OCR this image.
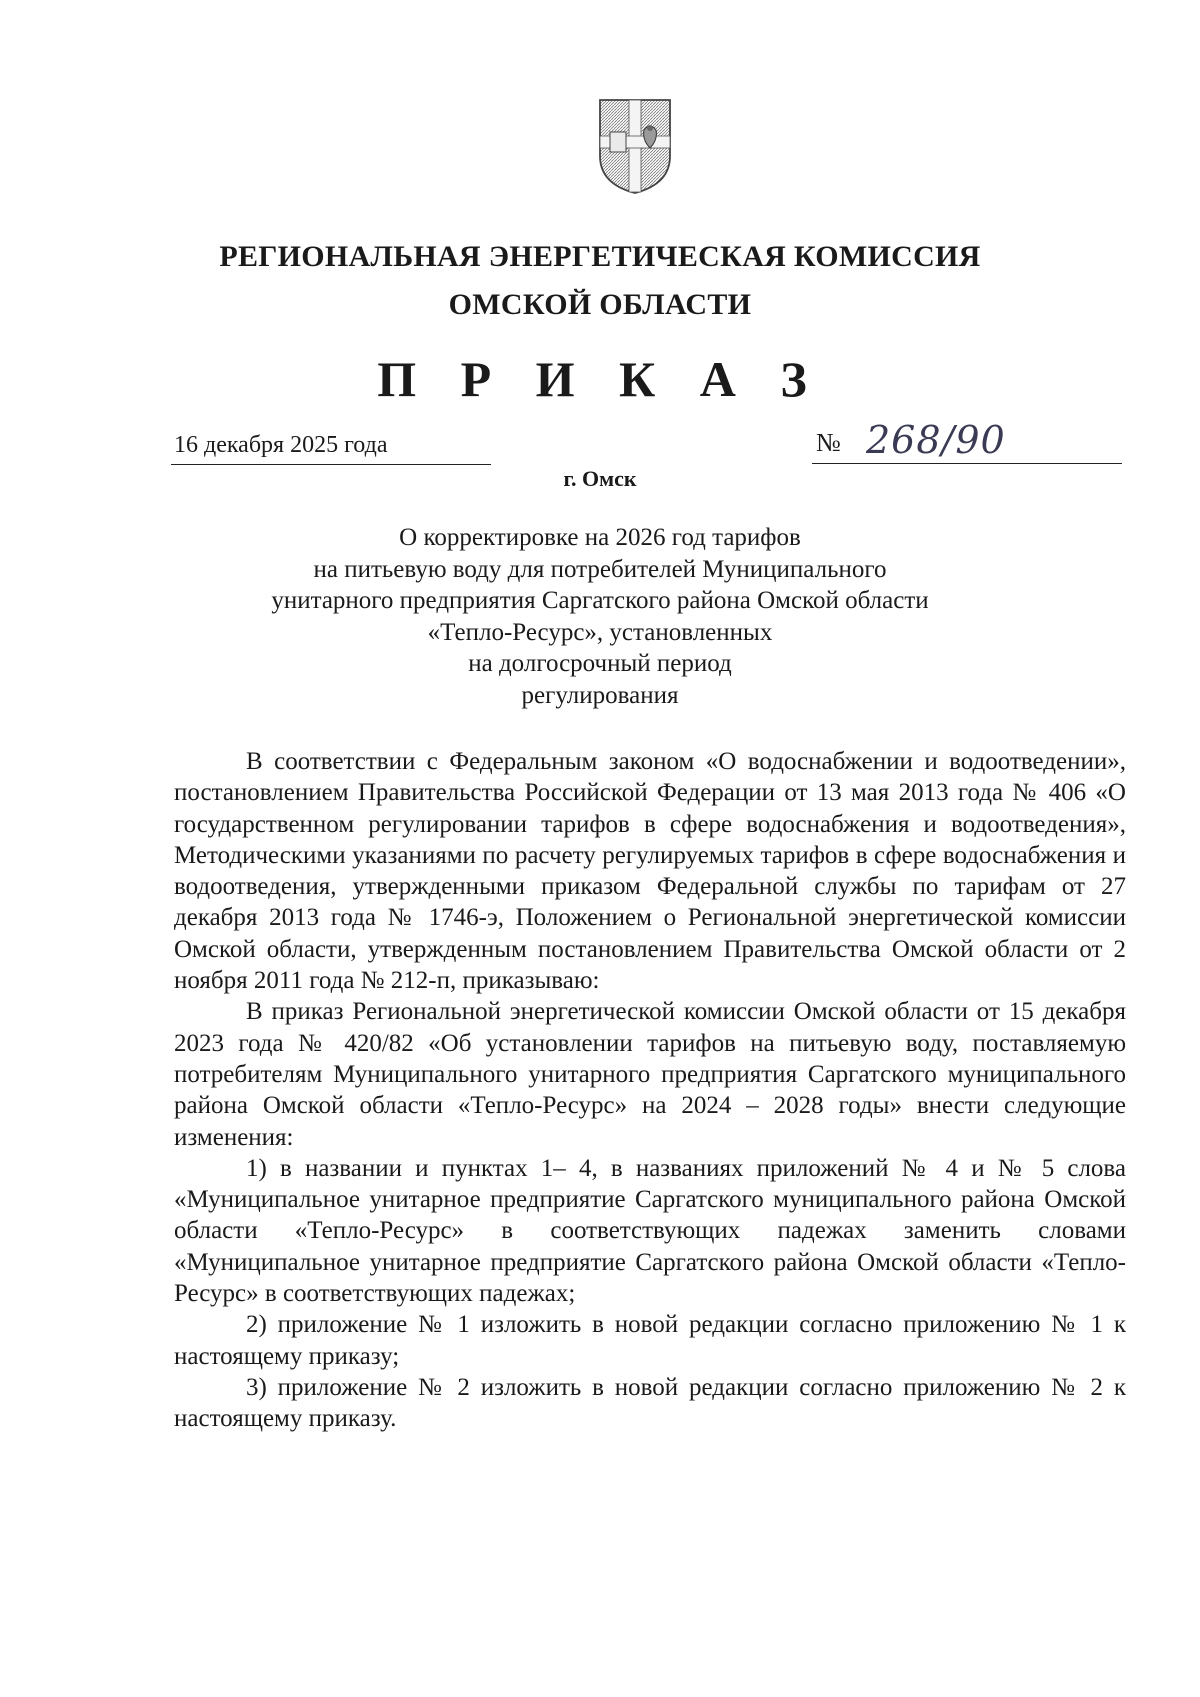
РЕГИОНАЛЬНАЯ ЭНЕРГЕТИЧЕСКАЯ КОМИССИЯ
ОМСКОЙ ОБЛАСТИ
П Р И К А З
16 декабря 2025 года	№ 268/90
г. Омск
О корректировке на 2026 год тарифов
на питьевую воду для потребителей Муниципального
унитарного предприятия Саргатского района Омской области
«Тепло-Ресурс», установленных
на долгосрочный период
регулирования

В соответствии с Федеральным законом «О водоснабжении и водоотведении», постановлением Правительства Российской Федерации от 13 мая 2013 года № 406 «О государственном регулировании тарифов в сфере водоснабжения и водоотведения», Методическими указаниями по расчету регулируемых тарифов в сфере водоснабжения и водоотведения, утвержденными приказом Федеральной службы по тарифам от 27 декабря 2013 года № 1746-э, Положением о Региональной энергетической комиссии Омской области, утвержденным постановлением Правительства Омской области от 2 ноября 2011 года № 212-п, приказываю:

В приказ Региональной энергетической комиссии Омской области от 15 декабря 2023 года № 420/82 «Об установлении тарифов на питьевую воду, поставляемую потребителям Муниципального унитарного предприятия Саргатского муниципального района Омской области «Тепло-Ресурс» на 2024 – 2028 годы» внести следующие изменения:

1) в названии и пунктах 1– 4, в названиях приложений № 4 и № 5 слова «Муниципальное унитарное предприятие Саргатского муниципального района Омской области «Тепло-Ресурс» в соответствующих падежах заменить словами «Муниципальное унитарное предприятие Саргатского района Омской области «Тепло-Ресурс» в соответствующих падежах;

2) приложение № 1 изложить в новой редакции согласно приложению № 1 к настоящему приказу;

3) приложение № 2 изложить в новой редакции согласно приложению № 2 к настоящему приказу.
